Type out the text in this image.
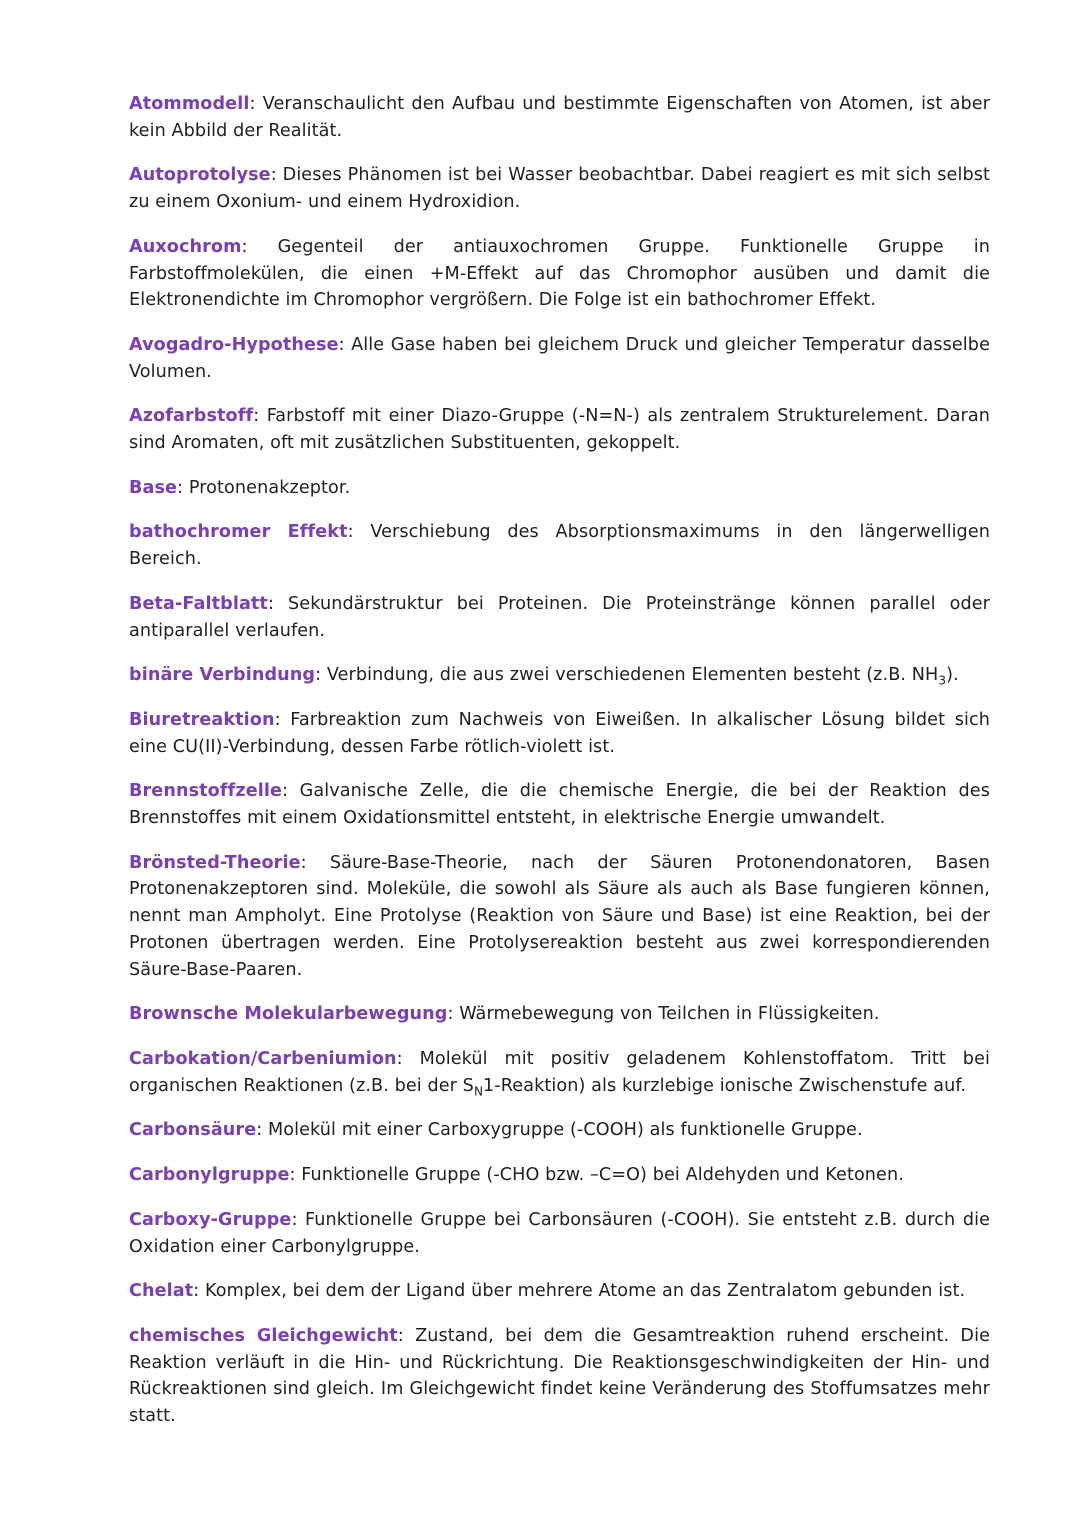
Atommodell: Veranschaulicht den Aufbau und bestimmte Eigenschaften von Atomen, ist aber kein Abbild der Realität.

Autoprotolyse: Dieses Phänomen ist bei Wasser beobachtbar. Dabei reagiert es mit sich selbst zu einem Oxonium- und einem Hydroxidion.

Auxochrom: Gegenteil der antiauxochromen Gruppe. Funktionelle Gruppe in Farbstoffmolekülen, die einen +M-Effekt auf das Chromophor ausüben und damit die Elektronendichte im Chromophor vergrößern. Die Folge ist ein bathochromer Effekt.

Avogadro-Hypothese: Alle Gase haben bei gleichem Druck und gleicher Temperatur dasselbe Volumen.

Azofarbstoff: Farbstoff mit einer Diazo-Gruppe (-N=N-) als zentralem Strukturelement. Daran sind Aromaten, oft mit zusätzlichen Substituenten, gekoppelt.

Base: Protonenakzeptor.

bathochromer Effekt: Verschiebung des Absorptionsmaximums in den längerwelligen Bereich.

Beta-Faltblatt: Sekundärstruktur bei Proteinen. Die Proteinstränge können parallel oder antiparallel verlaufen.

binäre Verbindung: Verbindung, die aus zwei verschiedenen Elementen besteht (z.B. $NH_3$).

Biuretreaktion: Farbreaktion zum Nachweis von Eiweißen. In alkalischer Lösung bildet sich eine CU(II)-Verbindung, dessen Farbe rötlich-violett ist.

Brennstoffzelle: Galvanische Zelle, die die chemische Energie, die bei der Reaktion des Brennstoffes mit einem Oxidationsmittel entsteht, in elektrische Energie umwandelt.

Brönsted-Theorie: Säure-Base-Theorie, nach der Säuren Protonendonatoren, Basen Protonenakzeptoren sind. Moleküle, die sowohl als Säure als auch als Base fungieren können, nennt man Ampholyt. Eine Protolyse (Reaktion von Säure und Base) ist eine Reaktion, bei der Protonen übertragen werden. Eine Protolysereaktion besteht aus zwei korrespondierenden Säure-Base-Paaren.

Brownsche Molekularbewegung: Wärmebewegung von Teilchen in Flüssigkeiten.

Carbokation/Carbeniumion: Molekül mit positiv geladenem Kohlenstoffatom. Tritt bei organischen Reaktionen (z.B. bei der $S_N1-Reaktion$) als kurzlebige ionische Zwischenstufe auf.

Carbonsäure: Molekül mit einer Carboxygruppe (-COOH) als funktionelle Gruppe.

Carbonylgruppe: Funktionelle Gruppe (-CHO bzw. –C=O) bei Aldehyden und Ketonen.

Carboxy-Gruppe: Funktionelle Gruppe bei Carbonsäuren (-COOH). Sie entsteht z.B. durch die Oxidation einer Carbonylgruppe.

Chelat: Komplex, bei dem der Ligand über mehrere Atome an das Zentralatom gebunden ist.

chemisches Gleichgewicht: Zustand, bei dem die Gesamtreaktion ruhend erscheint. Die Reaktion verläuft in die Hin- und Rückrichtung. Die Reaktionsgeschwindigkeiten der Hin- und Rückreaktionen sind gleich. Im Gleichgewicht findet keine Veränderung des Stoffumsatzes mehr statt.
